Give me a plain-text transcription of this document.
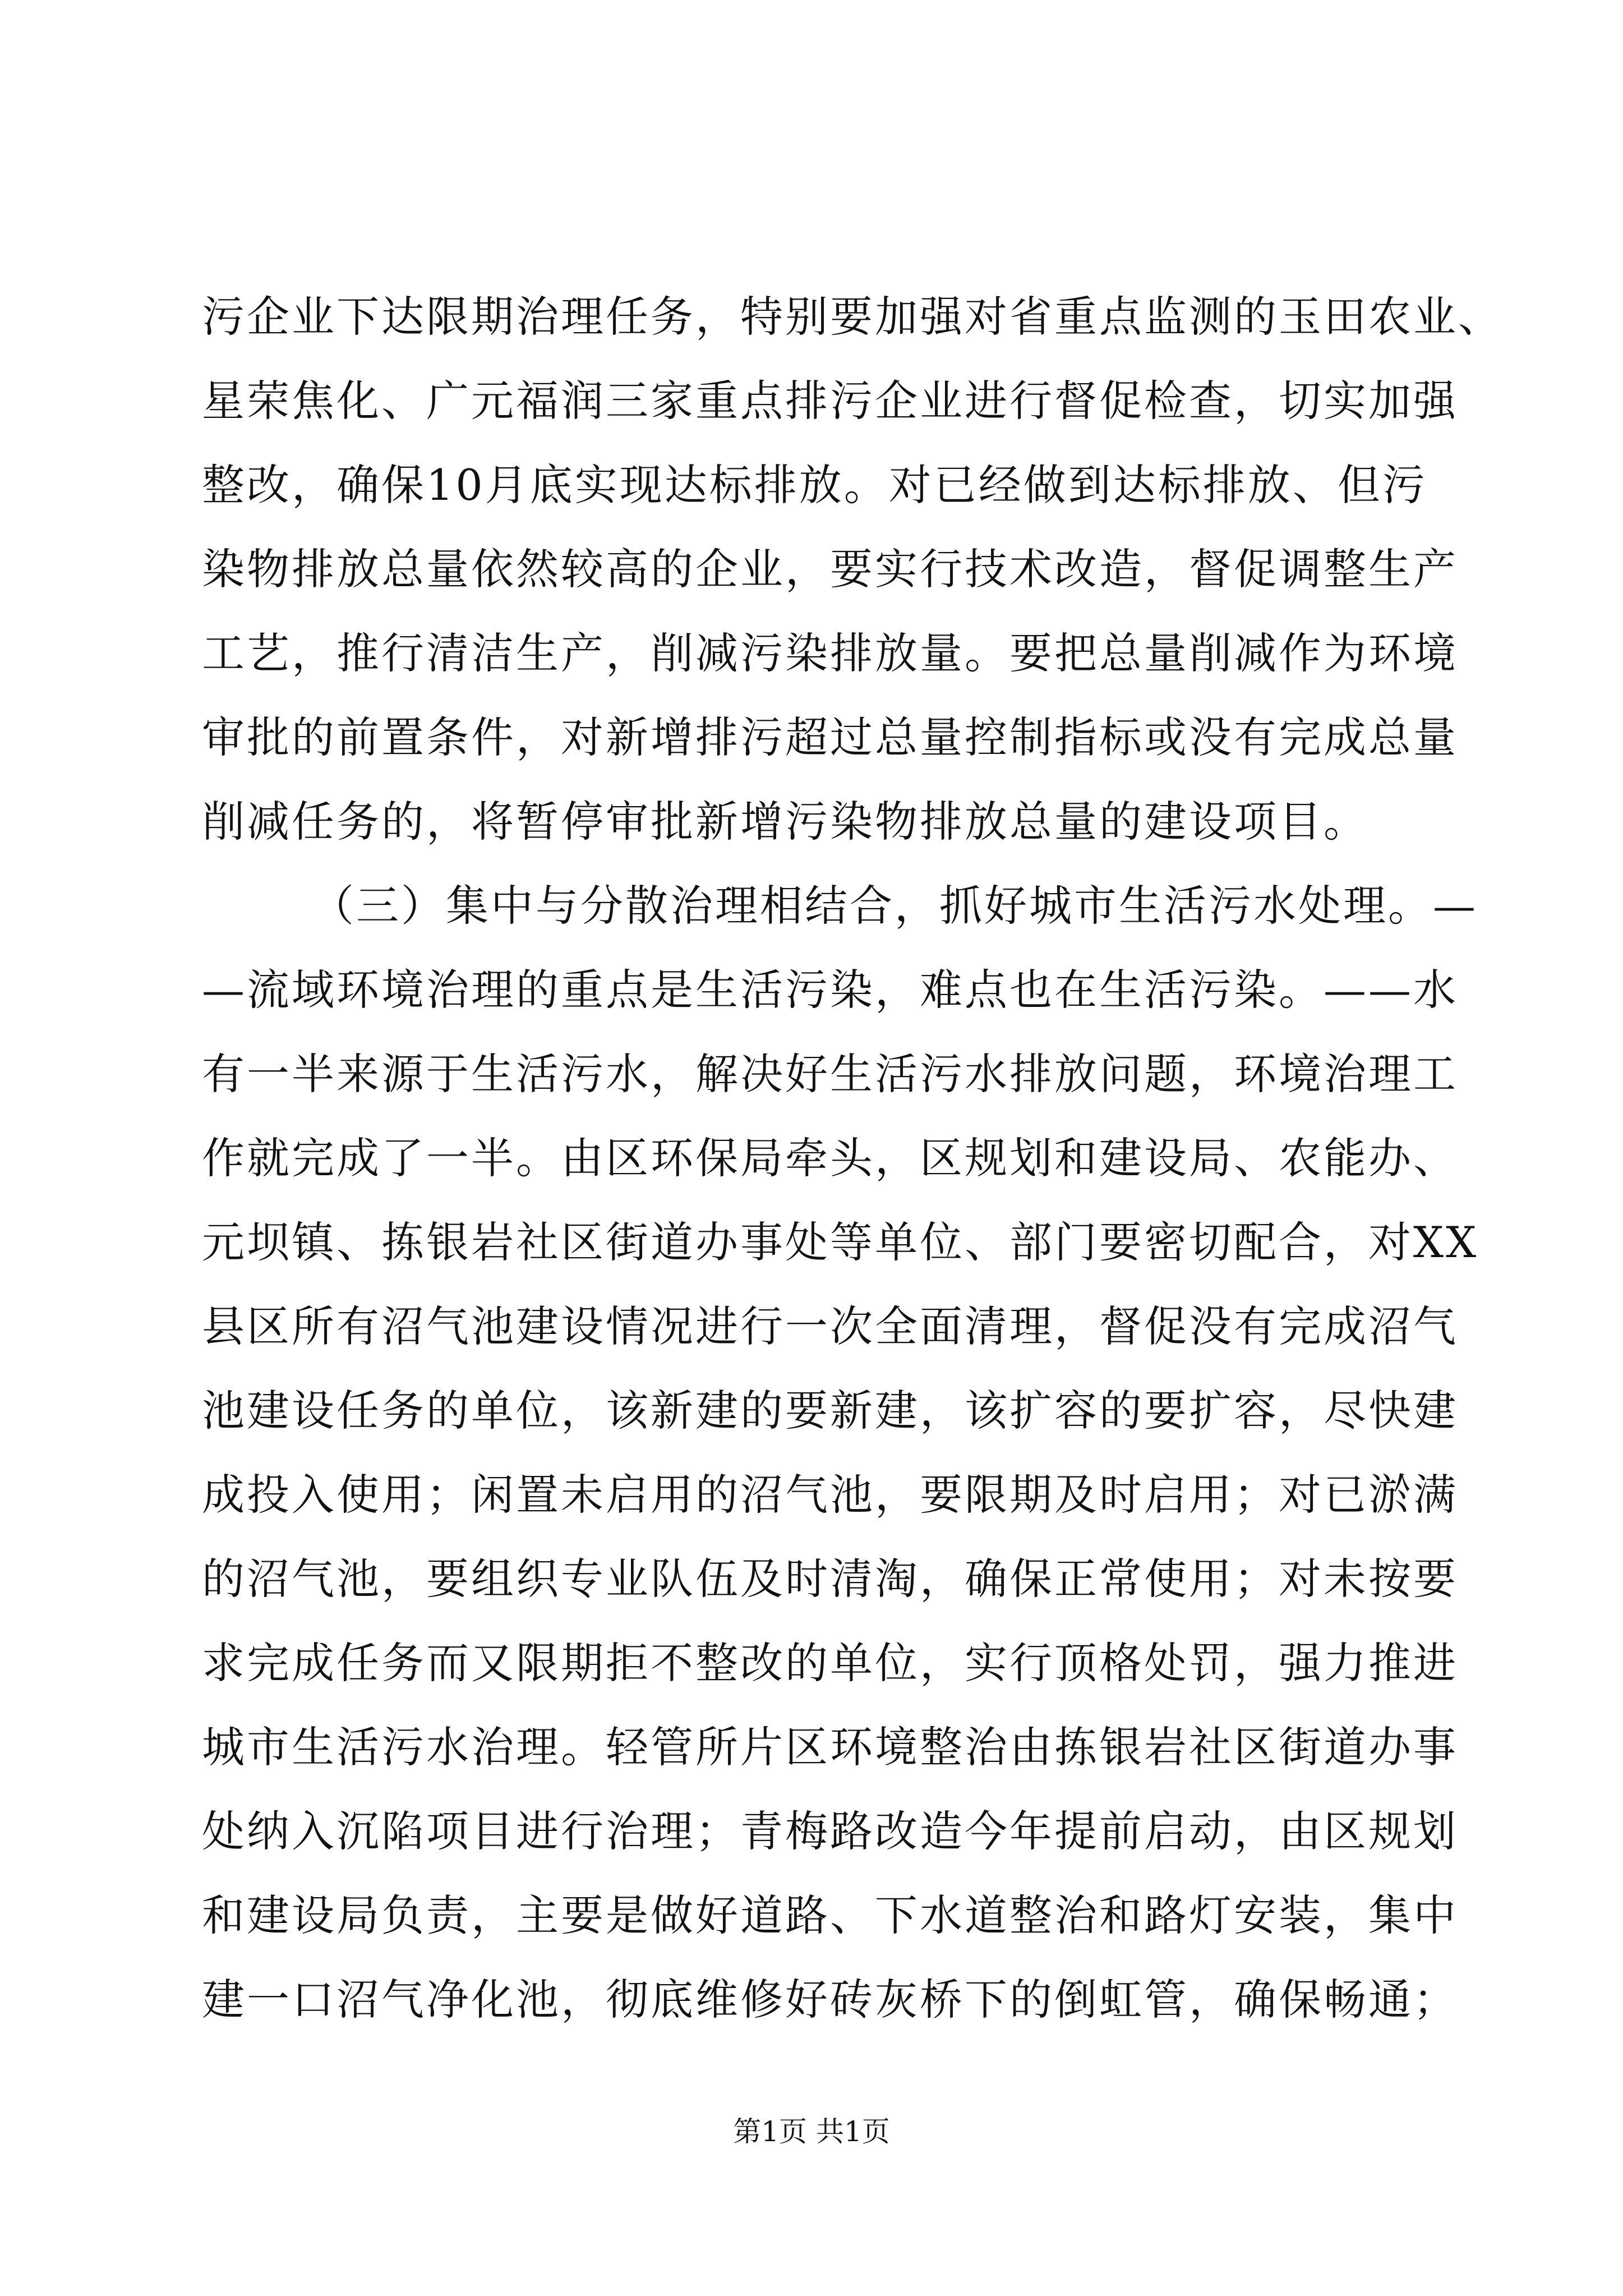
污企业下达限期治理任务，特别要加强对省重点监测的玉田农业、
星荣焦化、广元福润三家重点排污企业进行督促检查，切实加强
整改，确保10月底实现达标排放。对已经做到达标排放、但污
染物排放总量依然较高的企业，要实行技术改造，督促调整生产
工艺，推行清洁生产，削减污染排放量。要把总量削减作为环境
审批的前置条件，对新增排污超过总量控制指标或没有完成总量
削减任务的，将暂停审批新增污染物排放总量的建设项目。
（三）集中与分散治理相结合，抓好城市生活污水处理。—
—流域环境治理的重点是生活污染，难点也在生活污染。——水
有一半来源于生活污水，解决好生活污水排放问题，环境治理工
作就完成了一半。由区环保局牵头，区规划和建设局、农能办、
元坝镇、拣银岩社区街道办事处等单位、部门要密切配合，对XX
县区所有沼气池建设情况进行一次全面清理，督促没有完成沼气
池建设任务的单位，该新建的要新建，该扩容的要扩容，尽快建
成投入使用；闲置未启用的沼气池，要限期及时启用；对已淤满
的沼气池，要组织专业队伍及时清淘，确保正常使用；对未按要
求完成任务而又限期拒不整改的单位，实行顶格处罚，强力推进
城市生活污水治理。轻管所片区环境整治由拣银岩社区街道办事
处纳入沉陷项目进行治理；青梅路改造今年提前启动，由区规划
和建设局负责，主要是做好道路、下水道整治和路灯安装，集中
建一口沼气净化池，彻底维修好砖灰桥下的倒虹管，确保畅通；
第1页 共1页
